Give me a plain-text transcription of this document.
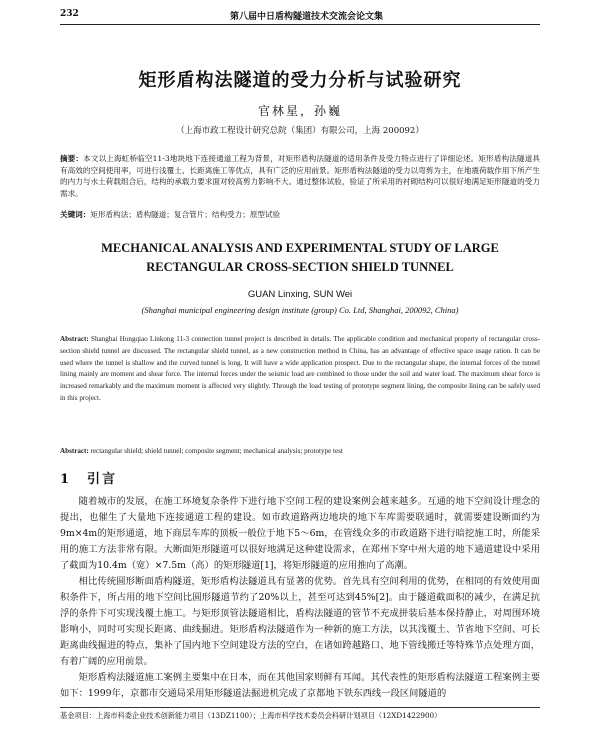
232	第八届中日盾构隧道技术交流会论文集
矩形盾构法隧道的受力分析与试验研究
官林星，孙巍
（上海市政工程设计研究总院（集团）有限公司，上海 200092）
摘要：本文以上海虹桥临空11-3地块地下连接通道工程为背景，对矩形盾构法隧道的适用条件及受力特点进行了详细论述。矩形盾构法隧道具有高效的空间使用率，可进行浅覆土、长距离施工等优点，具有广泛的应用前景。矩形盾构法隧道的受力以弯剪为主，在地震荷载作用下所产生的内力与水土荷载组合后，结构的承载力要求面对较高剪力影响不大。通过整体试验，验证了所采用的衬砌结构可以很好地满足矩形隧道的受力需求。
关键词：矩形盾构法；盾构隧道；复合管片；结构受力；原型试验
MECHANICAL ANALYSIS AND EXPERIMENTAL STUDY OF LARGE
RECTANGULAR CROSS-SECTION SHIELD TUNNEL
GUAN Linxing, SUN Wei
(Shanghai municipal engineering design institute (group) Co. Ltd, Shanghai, 200092, China)
Abstract: Shanghai Hongqiao Linkong 11-3 connection tunnel project is described in details. The applicable condition and mechanical property of rectangular cross-section shield tunnel are discussed. The rectangular shield tunnel, as a new construction method in China, has an advantage of effective space usage ration. It can be used where the tunnel is shallow and the curved tunnel is long. It will have a wide application prospect. Due to the rectangular shape, the internal forces of the tunnel lining mainly are moment and shear force. The internal forces under the seismic load are combined to those under the soil and water load. The maximum shear force is increased remarkably and the maximum moment is affected very slightly. Through the load testing of prototype segment lining, the composite lining can be safely used in this project.
Abstract: rectangular shield; shield tunnel; composite segment; mechanical analysis; prototype test
1 引言

随着城市的发展，在施工环境复杂条件下进行地下空间工程的建设案例会越来越多。互通的地下空间设计理念的提出，也催生了大量地下连接通道工程的建设。如市政道路两边地块的地下车库需要联通时，就需要建设断面约为9m×4m的矩形通道，地下商层车库的顶板一般位于地下5～6m，在管线众多的市政道路下进行暗挖施工时，所能采用的施工方法非常有限。大断面矩形隧道可以很好地满足这种建设需求，在郑州下穿中州大道的地下通道建设中采用了截面为10.4m（宽）×7.5m（高）的矩形隧道[1]，将矩形隧道的应用推向了高潮。

相比传统圆形断面盾构隧道，矩形盾构法隧道具有显著的优势。首先具有空间利用的优势，在相同的有效使用面积条件下，所占用的地下空间比圆形隧道节约了20%以上，甚至可达到45%[2]。由于隧道截面积的减少，在满足抗浮的条件下可实现浅覆土施工。与矩形顶管法隧道相比，盾构法隧道的管节不充成拼装后基本保持静止，对周围环境影响小，同时可实现长距离、曲线掘进。矩形盾构法隧道作为一种新的施工方法，以其浅覆土、节省地下空间、可长距离曲线掘进的特点，集补了国内地下空间建设方法的空白，在诸如跨越路口、地下管线搬迁等特殊节点处理方面，有着广阔的应用前景。

矩形盾构法隧道施工案例主要集中在日本，而在其他国家则鲜有耳闻。其代表性的矩形盾构法隧道工程案例主要如下：1999年，京都市交通局采用矩形隧道法掘进机完成了京都地下铁东西线一段区间隧道的

基金项目：上海市科委企业技术创新能力项目（13DZ1100）；上海市科学技术委员会科研计划项目（12XD1422900）
